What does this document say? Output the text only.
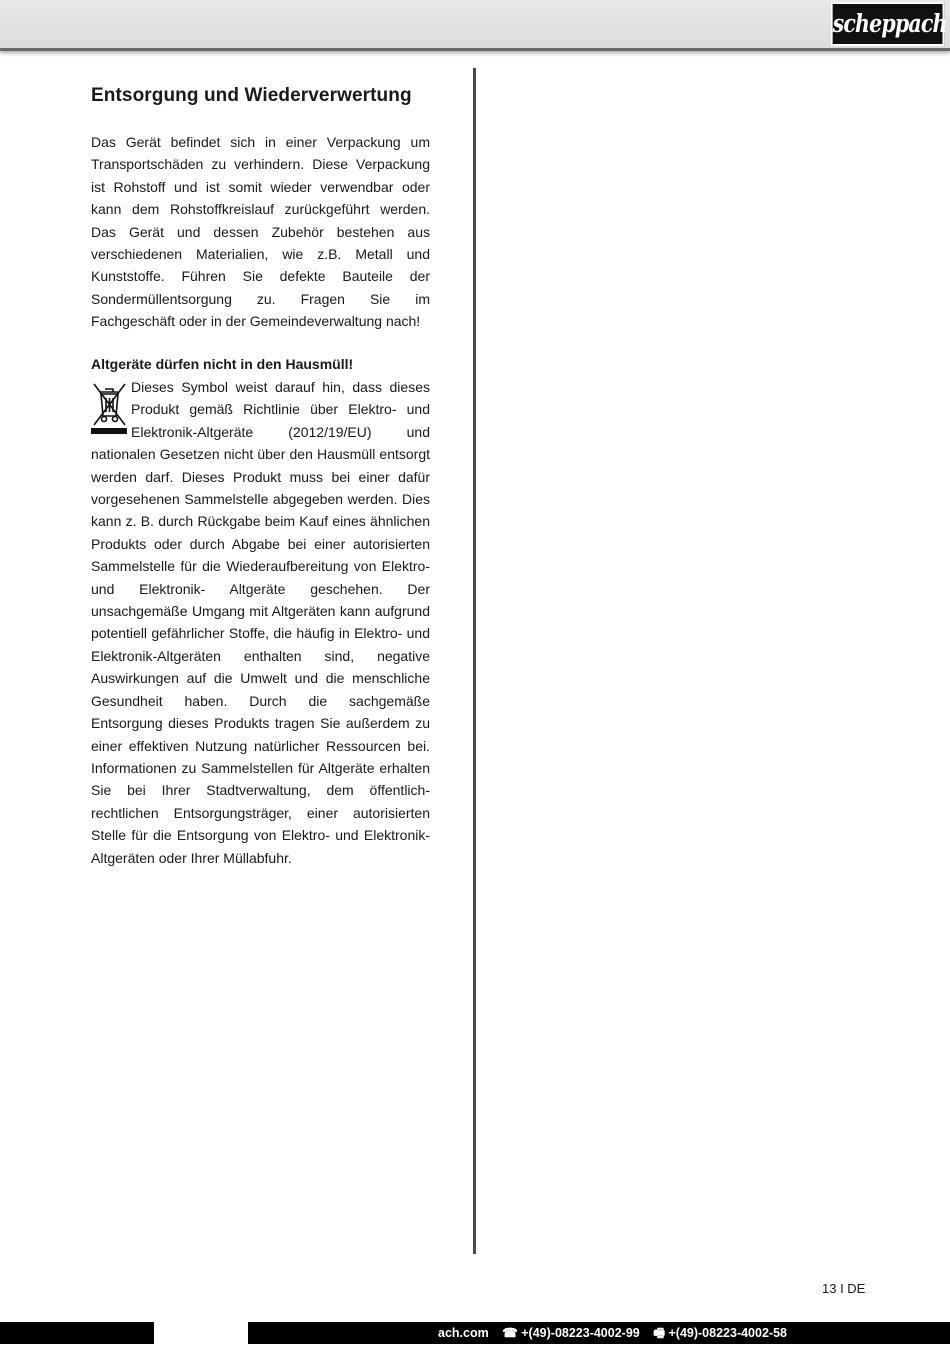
scheppach
Entsorgung und Wiederverwertung

Das Gerät befindet sich in einer Verpackung um Transportschäden zu verhindern. Diese Verpackung ist Rohstoff und ist somit wieder verwendbar oder kann dem Rohstoffkreislauf zurückgeführt werden. Das Gerät und dessen Zubehör bestehen aus verschiedenen Materialien, wie z.B. Metall und Kunststoffe. Führen Sie defekte Bauteile der Sondermüllentsorgung zu. Fragen Sie im Fachgeschäft oder in der Gemeindeverwaltung nach!

Altgeräte dürfen nicht in den Hausmüll!

Dieses Symbol weist darauf hin, dass dieses Produkt gemäß Richtlinie über Elektro- und Elektronik-Altgeräte (2012/19/EU) und nationalen Gesetzen nicht über den Hausmüll entsorgt werden darf. Dieses Produkt muss bei einer dafür vorgesehenen Sammelstelle abgegeben werden. Dies kann z. B. durch Rückgabe beim Kauf eines ähnlichen Produkts oder durch Abgabe bei einer autorisierten Sammelstelle für die Wiederaufbereitung von Elektro- und Elektronik- Altgeräte geschehen. Der unsachgemäße Umgang mit Altgeräten kann aufgrund potentiell gefährlicher Stoffe, die häufig in Elektro- und Elektronik-Altgeräten enthalten sind, negative Auswirkungen auf die Umwelt und die menschliche Gesundheit haben. Durch die sachgemäße Entsorgung dieses Produkts tragen Sie außerdem zu einer effektiven Nutzung natürlicher Ressourcen bei. Informationen zu Sammelstellen für Altgeräte erhalten Sie bei Ihrer Stadtverwaltung, dem öffentlich-rechtlichen Entsorgungsträger, einer autorisierten Stelle für die Entsorgung von Elektro- und Elektronik-Altgeräten oder Ihrer Müllabfuhr.

13 I DE
ach.com ☎ +(49)-08223-4002-99 🖷 +(49)-08223-4002-58
